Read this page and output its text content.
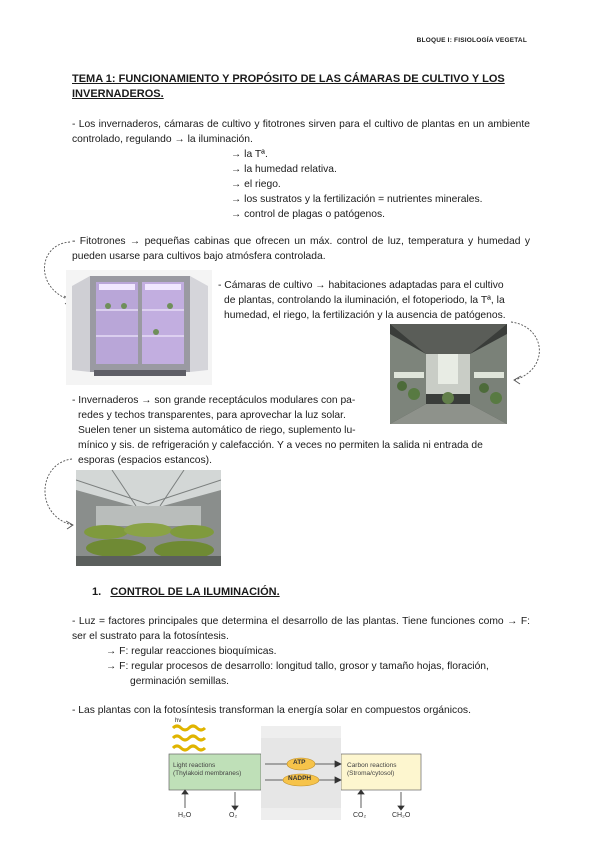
BLOQUE I: FISIOLOGÍA VEGETAL
TEMA 1: FUNCIONAMIENTO Y PROPÓSITO DE LAS CÁMARAS DE CULTIVO Y LOS INVERNADEROS.

- Los invernaderos, cámaras de cultivo y fitotrones sirven para el cultivo de plantas en un ambiente controlado, regulando → la iluminación.

→ la Tª.
→ la humedad relativa.
→ el riego.
→ los sustratos y la fertilización = nutrientes minerales.
→ control de plagas o patógenos.

- Fitotrones → pequeñas cabinas que ofrecen un máx. control de luz, temperatura y humedad y pueden usarse para cultivos bajo atmósfera controlada.

- Cámaras de cultivo → habitaciones adaptadas para el cultivo
de plantas, controlando la iluminación, el fotoperiodo, la Tª, la
humedad, el riego, la fertilización y la ausencia de patógenos.
- Invernaderos → son grande receptáculos modulares con pa-
redes y techos transparentes, para aprovechar la luz solar.
Suelen tener un sistema automático de riego, suplemento lu-
mínico y sis. de refrigeración y calefacción. Y a veces no permiten la salida ni entrada de
esporas (espacios estancos).
1. CONTROL DE LA ILUMINACIÓN.

- Luz = factores principales que determina el desarrollo de las plantas. Tiene funciones como → F: ser el sustrato para la fotosíntesis.

→ F: regular reacciones bioquímicas.
→ F: regular procesos de desarrollo: longitud tallo, grosor y tamaño hojas, floración,
germinación semillas.

- Las plantas con la fotosíntesis transforman la energía solar en compuestos orgánicos.

hν
Light reactions
(Thylakoid membranes)
Carbon reactions
(Stroma/cytosol)
ATP
NADPH
H₂O	O₂	CO₂	CH₂O
